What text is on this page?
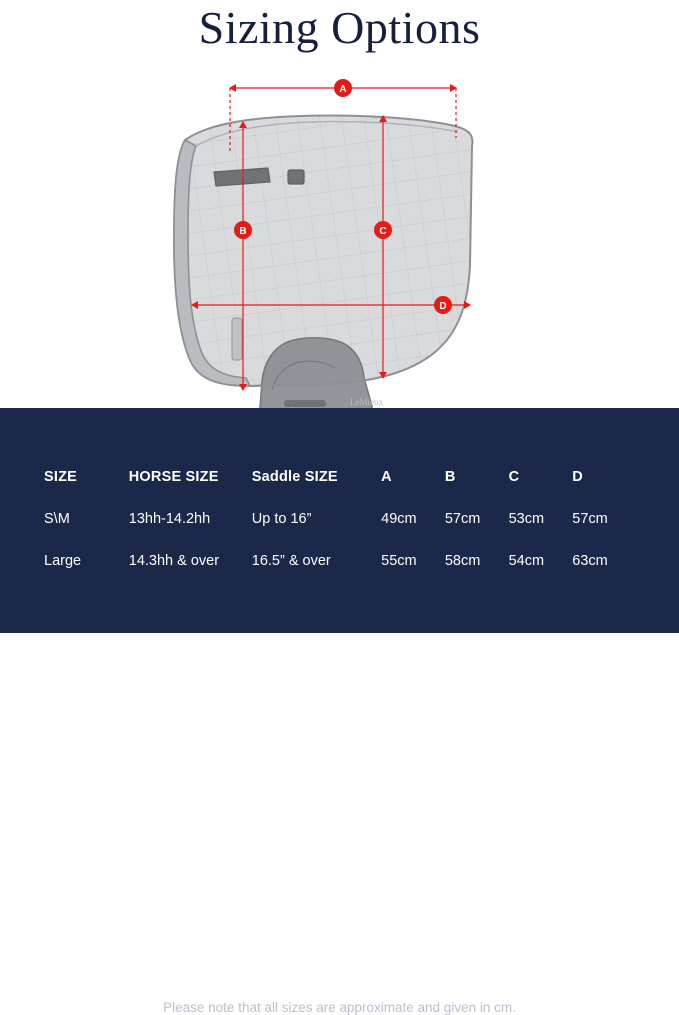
Sizing Options
LeMieux
A
B	C
D
SIZE	HORSE SIZE	Saddle SIZE	A	B	C	D
S\M	13hh-14.2hh	Up to 16”	49cm	57cm	53cm	57cm
Large	14.3hh & over	16.5” & over	55cm	58cm	54cm	63cm
Please note that all sizes are approximate and given in cm.
